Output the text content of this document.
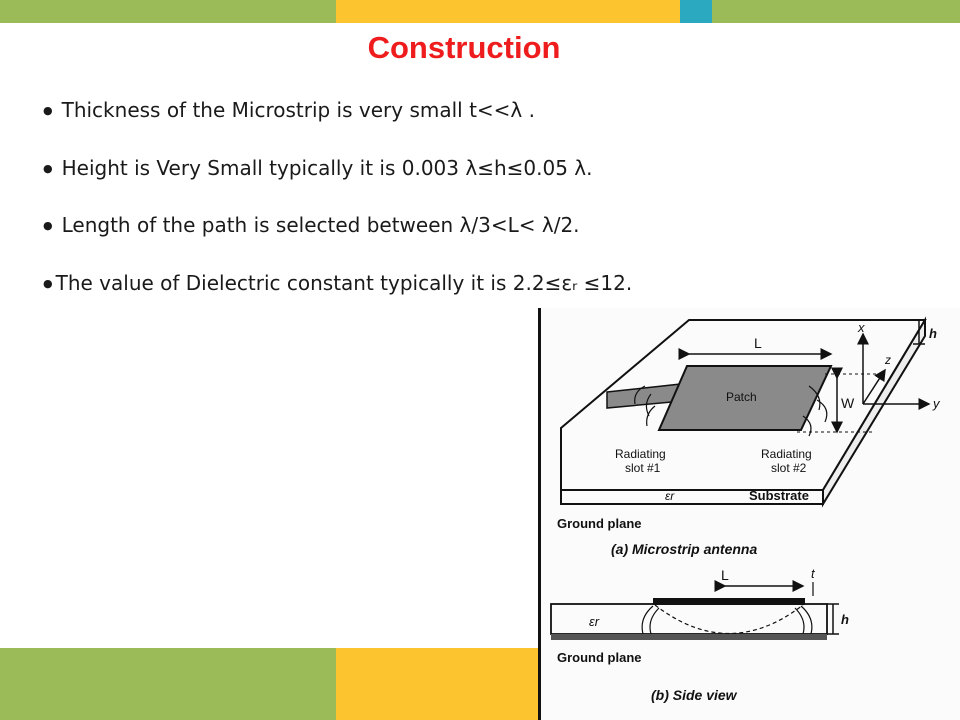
Construction
● Thickness of the Microstrip is very small t<<λ .
● Height is Very Small typically it is 0.003 λ≤h≤0.05 λ.
● Length of the path is selected between λ/3<L< λ/2.
● The value of Dielectric constant typically it is 2.2≤εᵣ ≤12.
Patch
L
W
x
y
z
h
Radiating
slot #1
Radiating
slot #2
εr	Substrate
Ground plane
(a) Microstrip antenna
L	t
h
εr
Ground plane
(b) Side view
